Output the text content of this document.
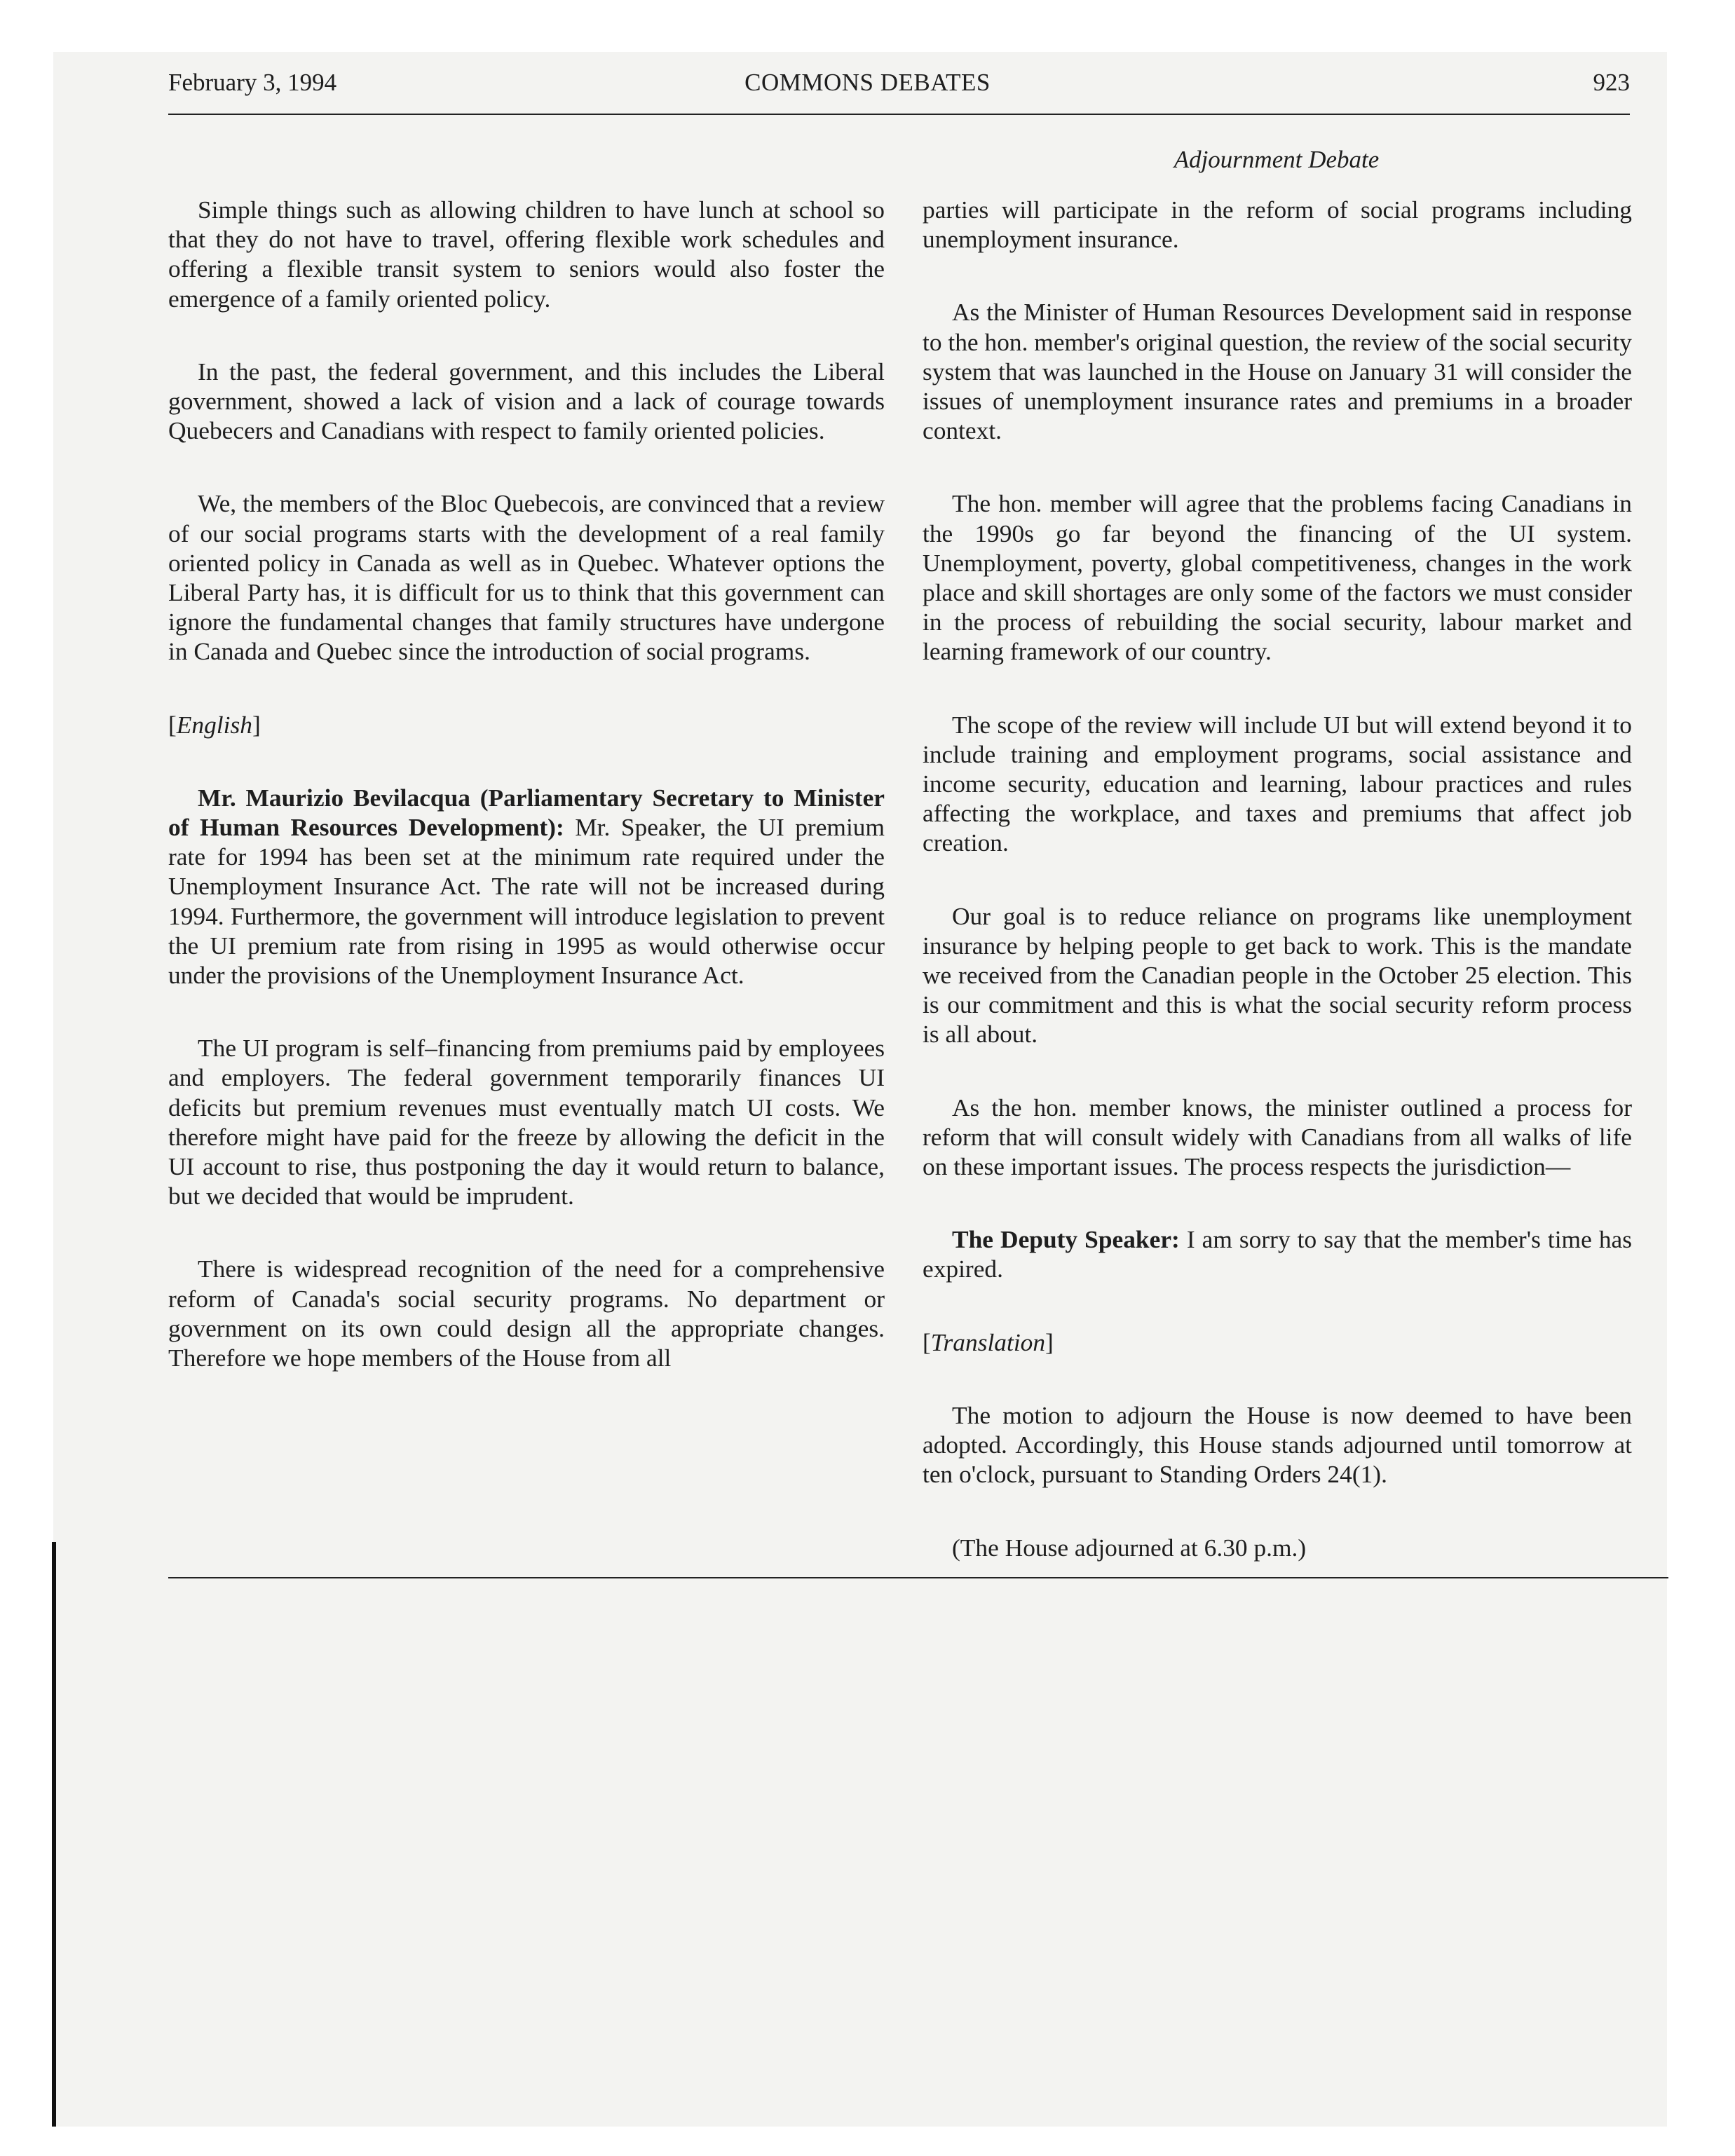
February 3, 1994	COMMONS DEBATES	923
Adjournment Debate

Simple things such as allowing children to have lunch at school so that they do not have to travel, offering flexible work schedules and offering a flexible transit system to seniors would also foster the emergence of a family oriented policy.

In the past, the federal government, and this includes the Liberal government, showed a lack of vision and a lack of courage towards Quebecers and Canadians with respect to family oriented policies.

We, the members of the Bloc Quebecois, are convinced that a review of our social programs starts with the development of a real family oriented policy in Canada as well as in Quebec. Whatever options the Liberal Party has, it is difficult for us to think that this government can ignore the fundamental changes that family structures have undergone in Canada and Quebec since the introduction of social programs.

[English]

Mr. Maurizio Bevilacqua (Parliamentary Secretary to Minister of Human Resources Development): Mr. Speaker, the UI premium rate for 1994 has been set at the minimum rate required under the Unemployment Insurance Act. The rate will not be increased during 1994. Furthermore, the government will introduce legislation to prevent the UI premium rate from rising in 1995 as would otherwise occur under the provisions of the Unemployment Insurance Act.

The UI program is self–financing from premiums paid by employees and employers. The federal government temporarily finances UI deficits but premium revenues must eventually match UI costs. We therefore might have paid for the freeze by allowing the deficit in the UI account to rise, thus postponing the day it would return to balance, but we decided that would be imprudent.

There is widespread recognition of the need for a comprehensive reform of Canada's social security programs. No department or government on its own could design all the appropriate changes. Therefore we hope members of the House from all

parties will participate in the reform of social programs including unemployment insurance.

As the Minister of Human Resources Development said in response to the hon. member's original question, the review of the social security system that was launched in the House on January 31 will consider the issues of unemployment insurance rates and premiums in a broader context.

The hon. member will agree that the problems facing Canadians in the 1990s go far beyond the financing of the UI system. Unemployment, poverty, global competitiveness, changes in the work place and skill shortages are only some of the factors we must consider in the process of rebuilding the social security, labour market and learning framework of our country.

The scope of the review will include UI but will extend beyond it to include training and employment programs, social assistance and income security, education and learning, labour practices and rules affecting the workplace, and taxes and premiums that affect job creation.

Our goal is to reduce reliance on programs like unemployment insurance by helping people to get back to work. This is the mandate we received from the Canadian people in the October 25 election. This is our commitment and this is what the social security reform process is all about.

As the hon. member knows, the minister outlined a process for reform that will consult widely with Canadians from all walks of life on these important issues. The process respects the jurisdiction—

The Deputy Speaker: I am sorry to say that the member's time has expired.

[Translation]

The motion to adjourn the House is now deemed to have been adopted. Accordingly, this House stands adjourned until tomorrow at ten o'clock, pursuant to Standing Orders 24(1).

(The House adjourned at 6.30 p.m.)
